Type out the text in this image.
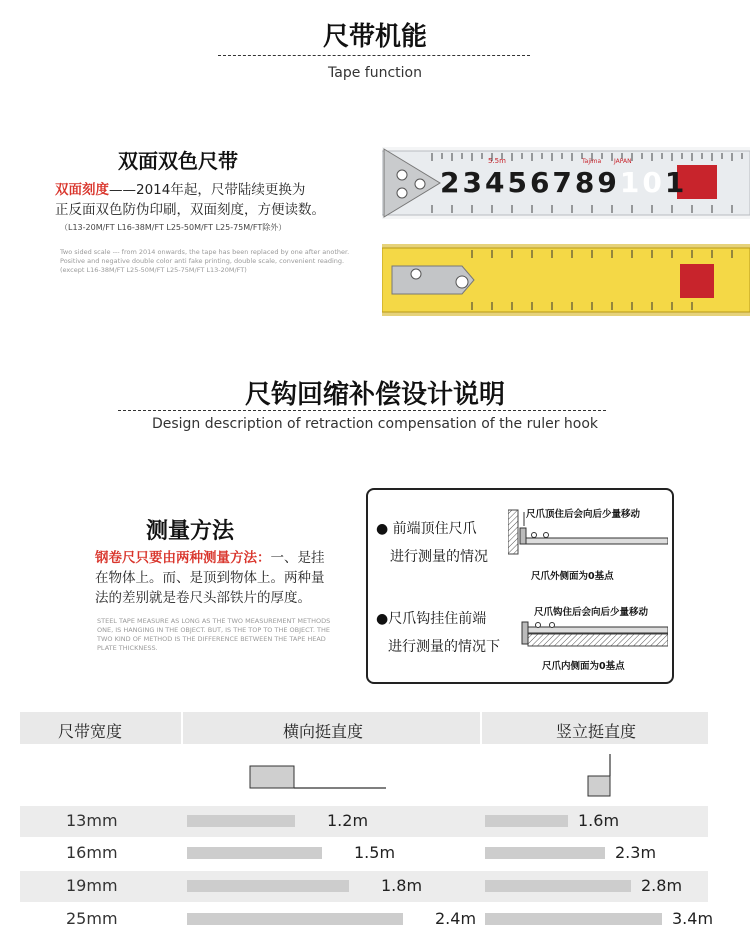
尺带机能
Tape function
双面双色尺带
双面刻度——2014年起，尺带陆续更换为
正反面双色防伪印刷，双面刻度，方便读数。
（L13-20M/FT L16-38M/FT L25-50M/FT L25-75M/FT除外）
Two sided scale --- from 2014 onwards, the tape has been replaced by one after another.
Positive and negative double color anti fake printing, double scale, convenient reading.
(except L16-38M/FT L25-50M/FT L25-75M/FT L13-20M/FT)
23456789101
5.5m	Tajima JAPAN
尺钩回缩补偿设计说明
Design description of retraction compensation of the ruler hook
测量方法
钢卷尺只要由两种测量方法：一、是挂
在物体上。而、是顶到物体上。两种量
法的差别就是卷尺头部铁片的厚度。
STEEL TAPE MEASURE AS LONG AS THE TWO MEASUREMENT METHODS
ONE, IS HANGING IN THE OBJECT. BUT, IS THE TOP TO THE OBJECT. THE
TWO KIND OF METHOD IS THE DIFFERENCE BETWEEN THE TAPE HEAD
PLATE THICKNESS.
● 前端顶住尺爪
进行测量的情况
尺爪顶住后会向后少量移动
尺爪外侧面为0基点
●尺爪钩挂住前端
进行测量的情况下
尺爪钩住后会向后少量移动
尺爪内侧面为0基点
尺带宽度	横向挺直度	竖立挺直度
13mm	1.2m	1.6m
16mm	1.5m	2.3m
19mm	1.8m	2.8m
25mm	2.4m	3.4m
